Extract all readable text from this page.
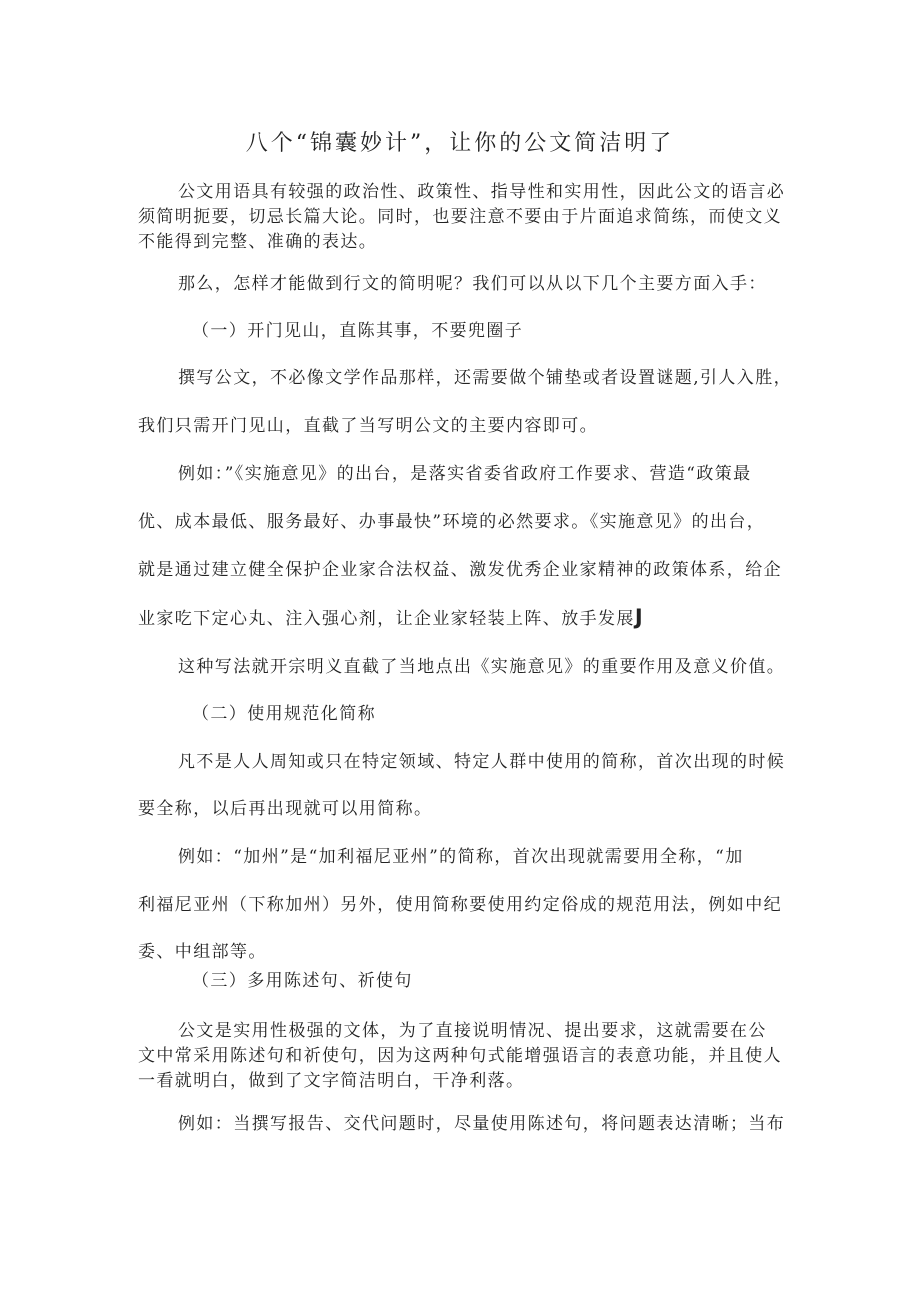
八个“锦囊妙计”，让你的公文简洁明了
公文用语具有较强的政治性、政策性、指导性和实用性，因此公文的语言必
须简明扼要，切忌长篇大论。同时，也要注意不要由于片面追求简练，而使文义
不能得到完整、准确的表达。
那么，怎样才能做到行文的简明呢？我们可以从以下几个主要方面入手：
（一）开门见山，直陈其事，不要兜圈子
撰写公文，不必像文学作品那样，还需要做个铺垫或者设置谜题,引人入胜，
我们只需开门见山，直截了当写明公文的主要内容即可。
例如：”《实施意见》的出台，是落实省委省政府工作要求、营造“政策最
优、成本最低、服务最好、办事最快”环境的必然要求。《实施意见》的出台，
就是通过建立健全保护企业家合法权益、激发优秀企业家精神的政策体系，给企
业家吃下定心丸、注入强心剂，让企业家轻装上阵、放手发展J
这种写法就开宗明义直截了当地点出《实施意见》的重要作用及意义价值。
（二）使用规范化简称
凡不是人人周知或只在特定领域、特定人群中使用的简称，首次出现的时候
要全称，以后再出现就可以用简称。
例如：“加州”是“加利福尼亚州”的简称，首次出现就需要用全称，“加
利福尼亚州（下称加州）另外，使用简称要使用约定俗成的规范用法，例如中纪
委、中组部等。
（三）多用陈述句、祈使句
公文是实用性极强的文体，为了直接说明情况、提出要求，这就需要在公
文中常采用陈述句和祈使句，因为这两种句式能增强语言的表意功能，并且使人
一看就明白，做到了文字简洁明白，干净利落。
例如：当撰写报告、交代问题时，尽量使用陈述句，将问题表达清晰；当布
